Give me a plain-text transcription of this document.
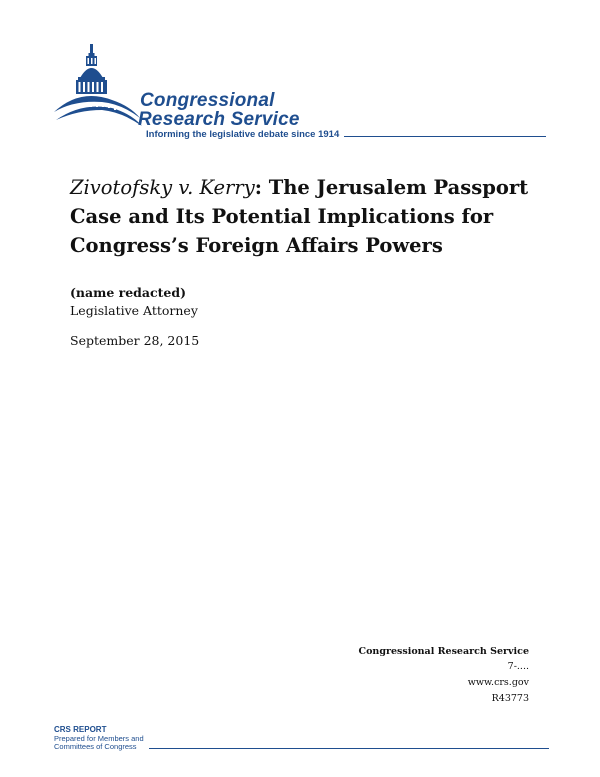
Congressional
Research Service
Informing the legislative debate since 1914
Zivotofsky v. Kerry: The Jerusalem Passport
Case and Its Potential Implications for
Congress’s Foreign Affairs Powers
(name redacted)
Legislative Attorney
September 28, 2015
Congressional Research Service
7-....
www.crs.gov
R43773
CRS REPORT
Prepared for Members and
Committees of Congress
